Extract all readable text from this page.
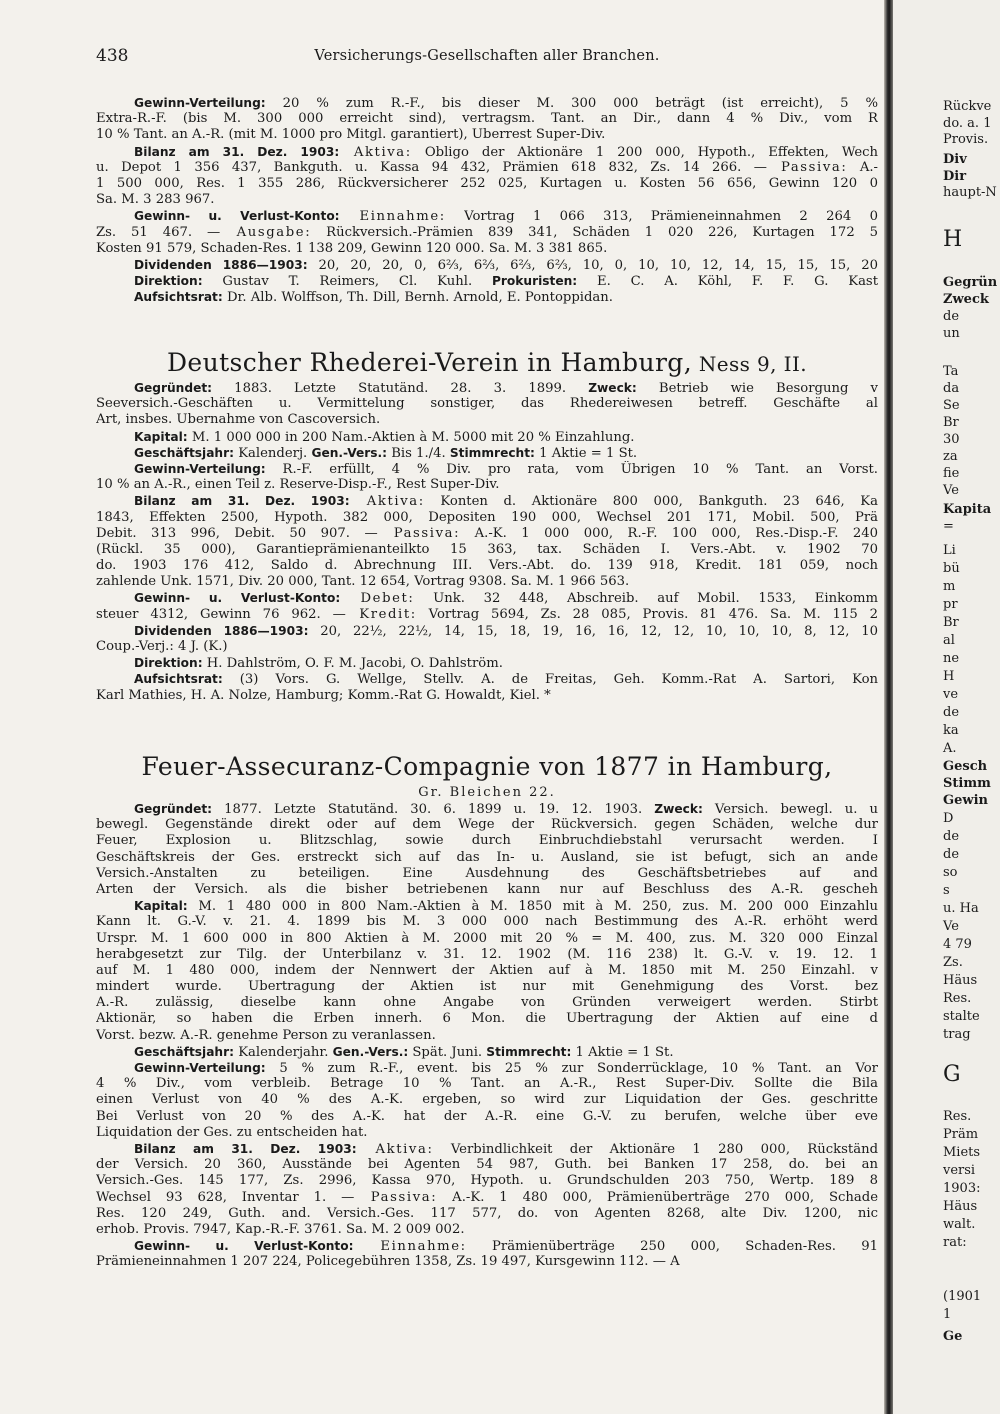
438	Versicherungs-Gesellschaften aller Branchen.
Gewinn-Verteilung: 20 % zum R.-F., bis dieser M. 300 000 beträgt (ist erreicht), 5 %
Extra-R.-F. (bis M. 300 000 erreicht sind), vertragsm. Tant. an Dir., dann 4 % Div., vom R
10 % Tant. an A.-R. (mit M. 1000 pro Mitgl. garantiert), Überrest Super-Div.
Bilanz am 31. Dez. 1903: Aktiva: Obligo der Aktionäre 1 200 000, Hypoth., Effekten, Wech
u. Depot 1 356 437, Bankguth. u. Kassa 94 432, Prämien 618 832, Zs. 14 266. — Passiva: A.-
1 500 000, Res. 1 355 286, Rückversicherer 252 025, Kurtagen u. Kosten 56 656, Gewinn 120 0
Sa. M. 3 283 967.
Gewinn- u. Verlust-Konto: Einnahme: Vortrag 1 066 313, Prämieneinnahmen 2 264 0
Zs. 51 467. — Ausgabe: Rückversich.-Prämien 839 341, Schäden 1 020 226, Kurtagen 172 5
Kosten 91 579, Schaden-Res. 1 138 209, Gewinn 120 000. Sa. M. 3 381 865.
Dividenden 1886—1903: 20, 20, 20, 0, 6⅔, 6⅔, 6⅔, 6⅔, 10, 0, 10, 10, 12, 14, 15, 15, 15, 20
Direktion: Gustav T. Reimers, Cl. Kuhl. Prokuristen: E. C. A. Köhl, F. F. G. Kast
Aufsichtsrat: Dr. Alb. Wolffson, Th. Dill, Bernh. Arnold, E. Pontoppidan.
Deutscher Rhederei-Verein in Hamburg, Ness 9, II.
Gegründet: 1883. Letzte Statutänd. 28. 3. 1899. Zweck: Betrieb wie Besorgung v
Seeversich.-Geschäften u. Vermittelung sonstiger, das Rhedereiwesen betreff. Geschäfte al
Art, insbes. Übernahme von Cascoversich.
Kapital: M. 1 000 000 in 200 Nam.-Aktien à M. 5000 mit 20 % Einzahlung.
Geschäftsjahr: Kalenderj. Gen.-Vers.: Bis 1./4. Stimmrecht: 1 Aktie = 1 St.
Gewinn-Verteilung: R.-F. erfüllt, 4 % Div. pro rata, vom Übrigen 10 % Tant. an Vorst.
10 % an A.-R., einen Teil z. Reserve-Disp.-F., Rest Super-Div.
Bilanz am 31. Dez. 1903: Aktiva: Konten d. Aktionäre 800 000, Bankguth. 23 646, Ka
1843, Effekten 2500, Hypoth. 382 000, Depositen 190 000, Wechsel 201 171, Mobil. 500, Prä
Debit. 313 996, Debit. 50 907. — Passiva: A.-K. 1 000 000, R.-F. 100 000, Res.-Disp.-F. 240
(Rückl. 35 000), Garantieprämienanteilkto 15 363, tax. Schäden I. Vers.-Abt. v. 1902 70
do. 1903 176 412, Saldo d. Abrechnung III. Vers.-Abt. do. 139 918, Kredit. 181 059, noch
zahlende Unk. 1571, Div. 20 000, Tant. 12 654, Vortrag 9308. Sa. M. 1 966 563.
Gewinn- u. Verlust-Konto: Debet: Unk. 32 448, Abschreib. auf Mobil. 1533, Einkomm
steuer 4312, Gewinn 76 962. — Kredit: Vortrag 5694, Zs. 28 085, Provis. 81 476. Sa. M. 115 2
Dividenden 1886—1903: 20, 22½, 22½, 14, 15, 18, 19, 16, 16, 12, 12, 10, 10, 10, 8, 12, 10
Coup.-Verj.: 4 J. (K.)
Direktion: H. Dahlström, O. F. M. Jacobi, O. Dahlström.
Aufsichtsrat: (3) Vors. G. Wellge, Stellv. A. de Freitas, Geh. Komm.-Rat A. Sartori, Kon
Karl Mathies, H. A. Nolze, Hamburg; Komm.-Rat G. Howaldt, Kiel. *
Feuer-Assecuranz-Compagnie von 1877 in Hamburg,
Gr. Bleichen 22.
Gegründet: 1877. Letzte Statutänd. 30. 6. 1899 u. 19. 12. 1903. Zweck: Versich. bewegl. u. u
bewegl. Gegenstände direkt oder auf dem Wege der Rückversich. gegen Schäden, welche dur
Feuer, Explosion u. Blitzschlag, sowie durch Einbruchdiebstahl verursacht werden. I
Geschäftskreis der Ges. erstreckt sich auf das In- u. Ausland, sie ist befugt, sich an ande
Versich.-Anstalten zu beteiligen. Eine Ausdehnung des Geschäftsbetriebes auf and
Arten der Versich. als die bisher betriebenen kann nur auf Beschluss des A.-R. gescheh
Kapital: M. 1 480 000 in 800 Nam.-Aktien à M. 1850 mit à M. 250, zus. M. 200 000 Einzahlu
Kann lt. G.-V. v. 21. 4. 1899 bis M. 3 000 000 nach Bestimmung des A.-R. erhöht werd
Urspr. M. 1 600 000 in 800 Aktien à M. 2000 mit 20 % = M. 400, zus. M. 320 000 Einzal
herabgesetzt zur Tilg. der Unterbilanz v. 31. 12. 1902 (M. 116 238) lt. G.-V. v. 19. 12. 1
auf M. 1 480 000, indem der Nennwert der Aktien auf à M. 1850 mit M. 250 Einzahl. v
mindert wurde. Übertragung der Aktien ist nur mit Genehmigung des Vorst. bez
A.-R. zulässig, dieselbe kann ohne Angabe von Gründen verweigert werden. Stirbt
Aktionär, so haben die Erben innerh. 6 Mon. die Übertragung der Aktien auf eine d
Vorst. bezw. A.-R. genehme Person zu veranlassen.
Geschäftsjahr: Kalenderjahr. Gen.-Vers.: Spät. Juni. Stimmrecht: 1 Aktie = 1 St.
Gewinn-Verteilung: 5 % zum R.-F., event. bis 25 % zur Sonderrücklage, 10 % Tant. an Vor
4 % Div., vom verbleib. Betrage 10 % Tant. an A.-R., Rest Super-Div. Sollte die Bila
einen Verlust von 40 % des A.-K. ergeben, so wird zur Liquidation der Ges. geschritte
Bei Verlust von 20 % des A.-K. hat der A.-R. eine G.-V. zu berufen, welche über eve
Liquidation der Ges. zu entscheiden hat.
Bilanz am 31. Dez. 1903: Aktiva: Verbindlichkeit der Aktionäre 1 280 000, Rückständ
der Versich. 20 360, Ausstände bei Agenten 54 987, Guth. bei Banken 17 258, do. bei an
Versich.-Ges. 145 177, Zs. 2996, Kassa 970, Hypoth. u. Grundschulden 203 750, Wertp. 189 8
Wechsel 93 628, Inventar 1. — Passiva: A.-K. 1 480 000, Prämienüberträge 270 000, Schade
Res. 120 249, Guth. and. Versich.-Ges. 117 577, do. von Agenten 8268, alte Div. 1200, nic
erhob. Provis. 7947, Kap.-R.-F. 3761. Sa. M. 2 009 002.
Gewinn- u. Verlust-Konto: Einnahme: Prämienüberträge 250 000, Schaden-Res. 91
Prämieneinnahmen 1 207 224, Policegebühren 1358, Zs. 19 497, Kursgewinn 112. — A
Rückve
do. a. 1
Provis.
Div
Dir
haupt-N
H
Gegrün
Zweck
de
un
Ta
da
Se
Br
30
za
fie
Ve
Kapita
=
Li
bü
m
pr
Br
al
ne
H
ve
de
ka
A.
Gesch
Stimm
Gewin
D
de
de
so
s
u. Ha
Ve
4 79
Zs.
Häus
Res.
stalte
trag
G
Res.
Präm
Miets
versi
1903:
Häus
walt.
rat:
(1901
1
Ge
